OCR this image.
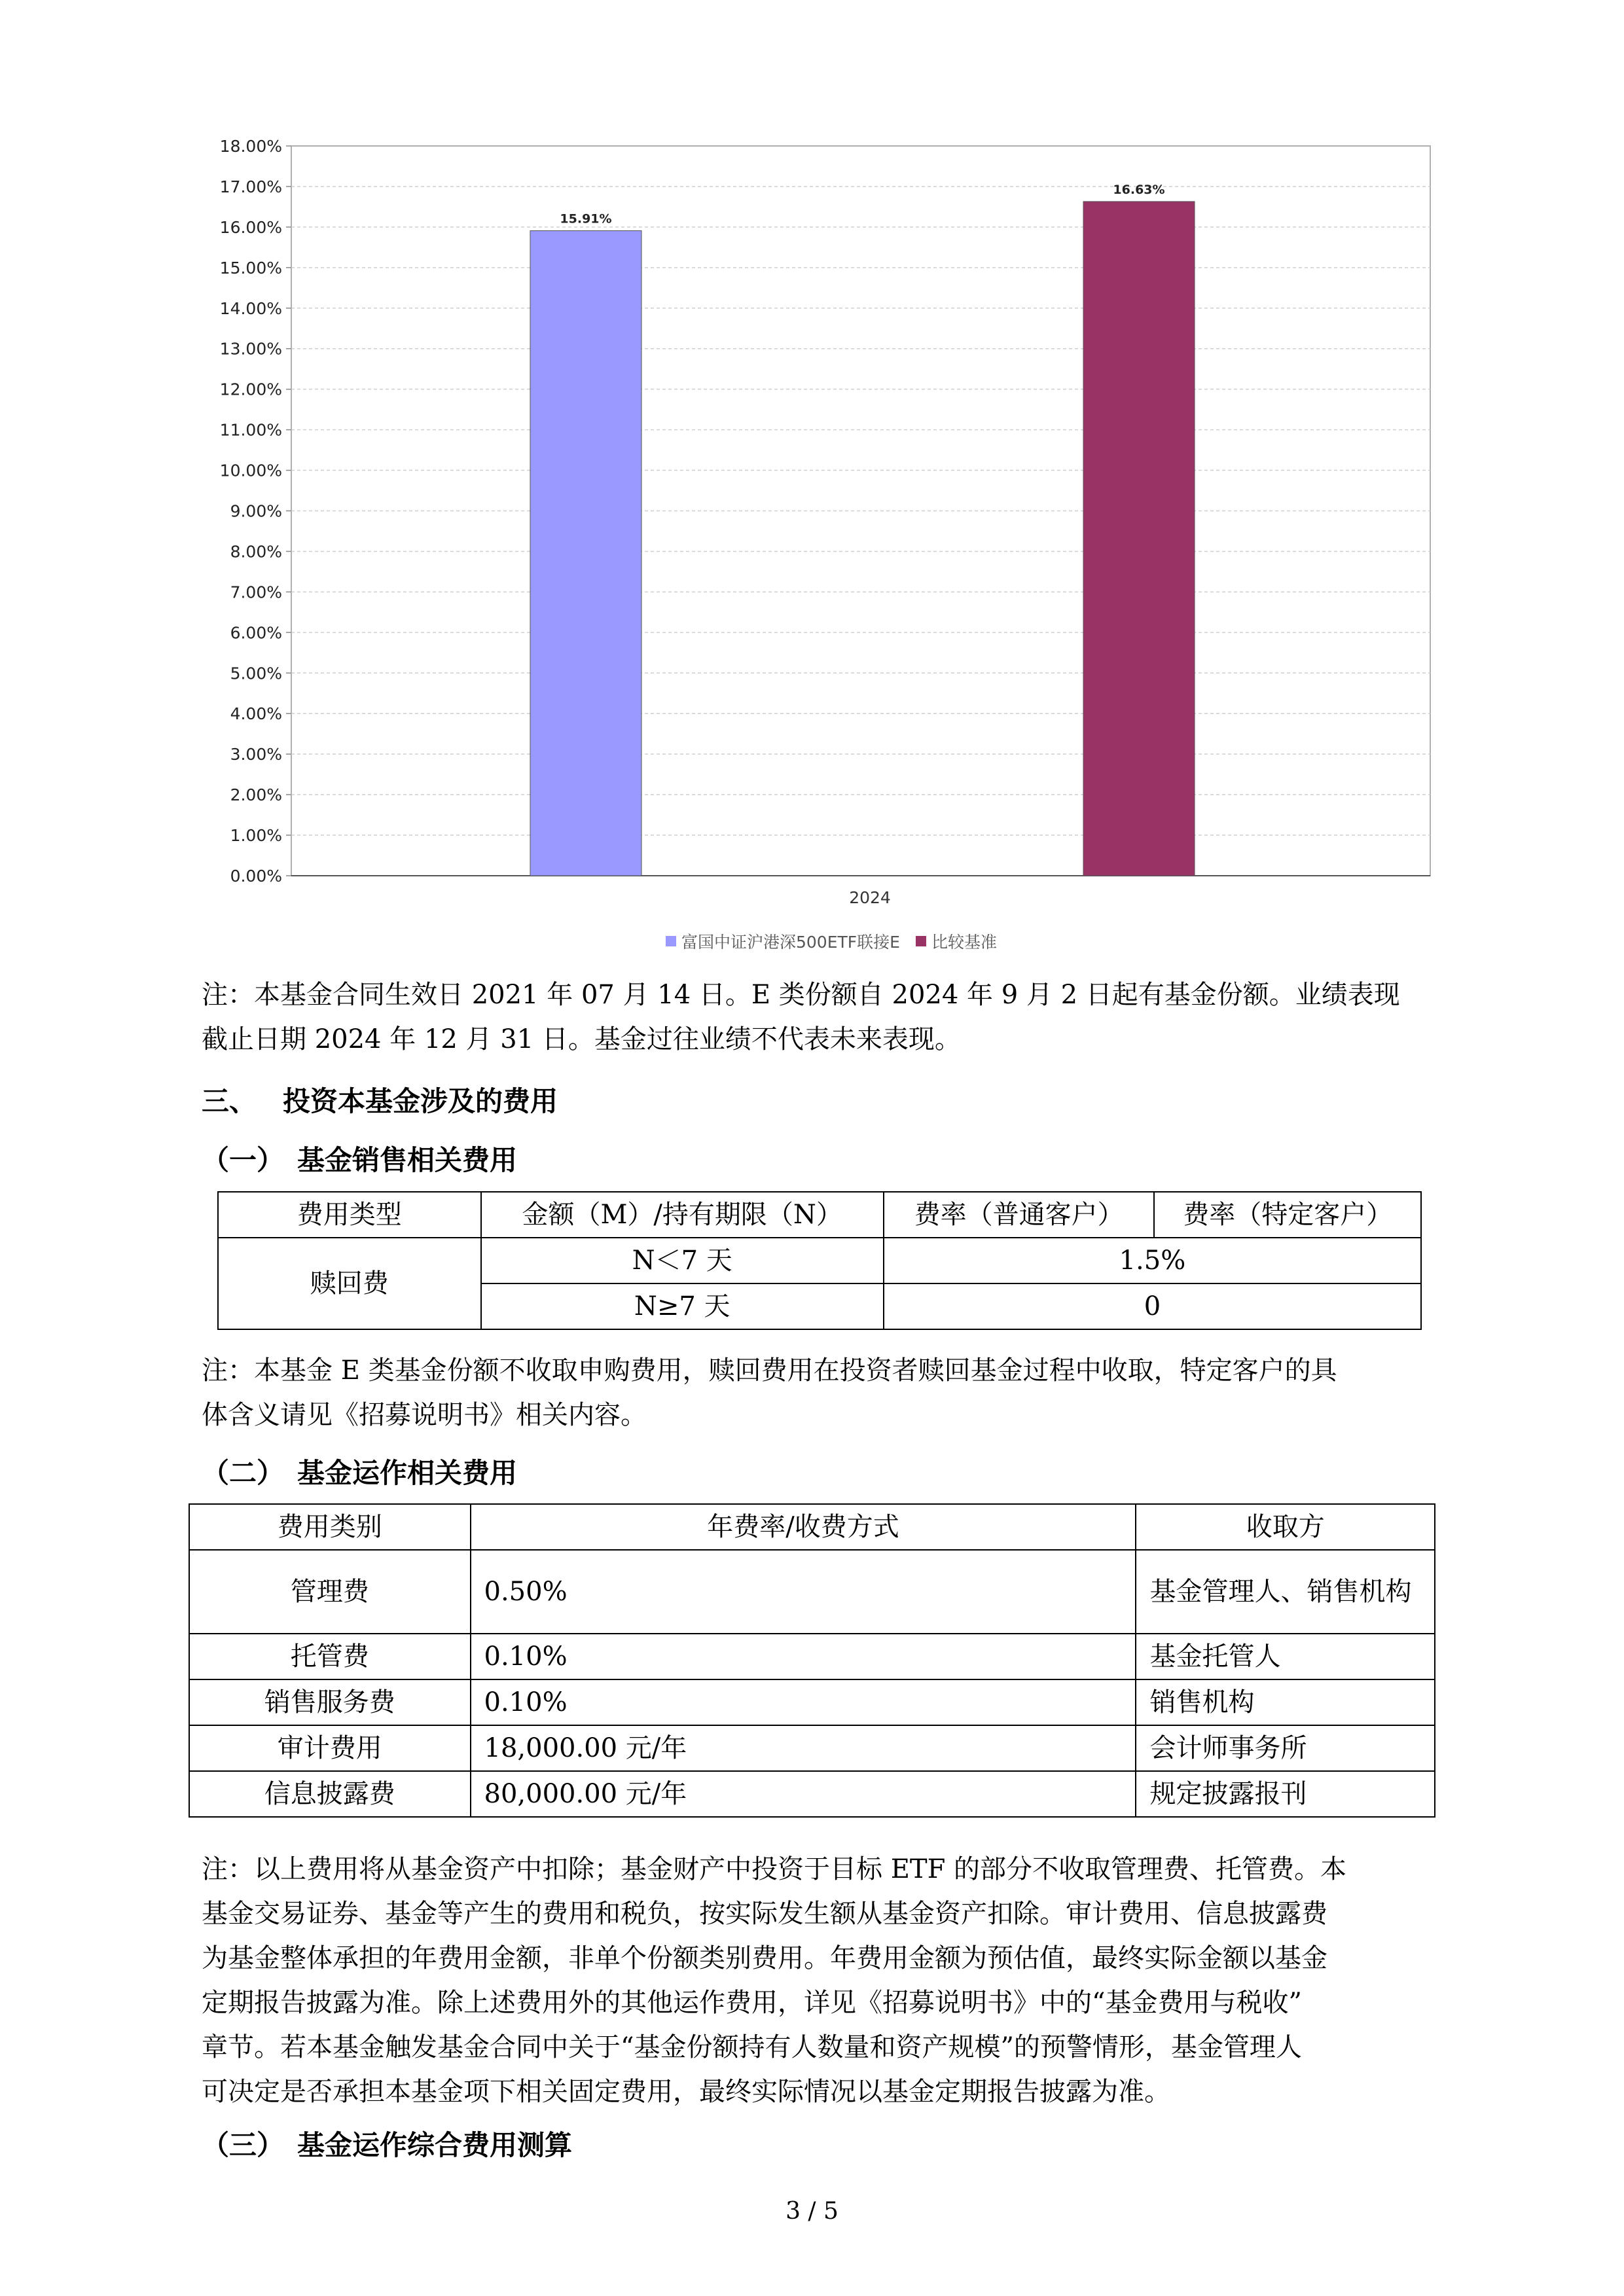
0.00%
1.00%
2.00%
3.00%
4.00%
5.00%
6.00%
7.00%
8.00%
9.00%
10.00%
11.00%
12.00%
13.00%
14.00%
15.00%
16.00%
17.00%
18.00%
15.91%
16.63%
2024
富国中证沪港深500ETF联接E 比较基准

注：本基金合同生效日 2021 年 07 月 14 日。E 类份额自 2024 年 9 月 2 日起有基金份额。业绩表现
截止日期 2024 年 12 月 31 日。基金过往业绩不代表未来表现。

三、 投资本基金涉及的费用
（一） 基金销售相关费用
费用类型	金额（M）/持有期限（N）	费率（普通客户）	费率（特定客户）
赎回费	N＜7 天	1.5%	
	N≥7 天	0	

注：本基金 E 类基金份额不收取申购费用，赎回费用在投资者赎回基金过程中收取，特定客户的具
体含义请见《招募说明书》相关内容。

（二） 基金运作相关费用
费用类别	年费率/收费方式	收取方
管理费	0.50%	基金管理人、销售机构
托管费	0.10%	基金托管人
销售服务费	0.10%	销售机构
审计费用	18,000.00 元/年	会计师事务所
信息披露费	80,000.00 元/年	规定披露报刊

注：以上费用将从基金资产中扣除；基金财产中投资于目标 ETF 的部分不收取管理费、托管费。本
基金交易证券、基金等产生的费用和税负，按实际发生额从基金资产扣除。审计费用、信息披露费
为基金整体承担的年费用金额，非单个份额类别费用。年费用金额为预估值，最终实际金额以基金
定期报告披露为准。除上述费用外的其他运作费用，详见《招募说明书》中的“基金费用与税收”
章节。若本基金触发基金合同中关于“基金份额持有人数量和资产规模”的预警情形，基金管理人
可决定是否承担本基金项下相关固定费用，最终实际情况以基金定期报告披露为准。

（三） 基金运作综合费用测算
3 / 5
